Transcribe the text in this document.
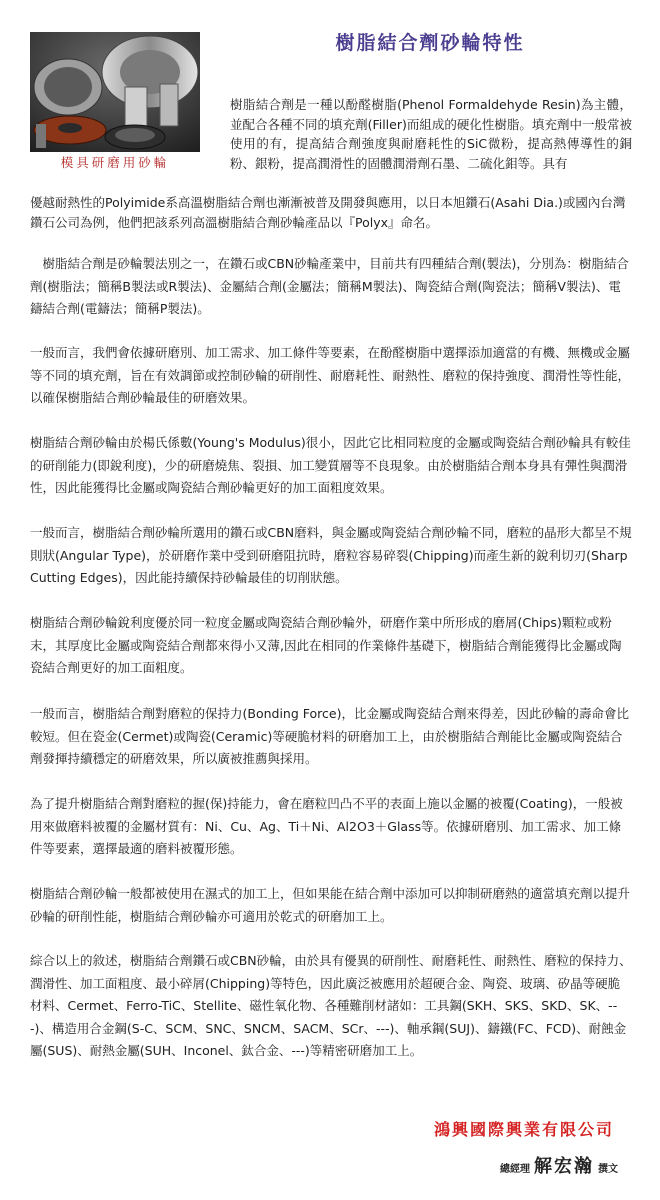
樹脂結合劑砂輪特性
模具研磨用砂輪
樹脂結合劑是一種以酚醛樹脂(Phenol Formaldehyde Resin)為主體，並配合各種不同的填充劑(Filler)而組成的硬化性樹脂。填充劑中一般常被使用的有，提高結合劑強度與耐磨耗性的SiC微粉，提高熱傳導性的銅粉、銀粉，提高潤滑性的固體潤滑劑石墨、二硫化鉬等。具有
優越耐熱性的Polyimide系高溫樹脂結合劑也漸漸被普及開發與應用，以日本旭鑽石(Asahi Dia.)或國內台灣鑽石公司為例，他們把該系列高溫樹脂結合劑砂輪產品以『Polyx』命名。
　樹脂結合劑是砂輪製法別之一，在鑽石或CBN砂輪產業中，目前共有四種結合劑(製法)，分別為：樹脂結合劑(樹脂法；簡稱B製法或R製法)、金屬結合劑(金屬法；簡稱M製法)、陶瓷結合劑(陶瓷法；簡稱V製法)、電鑄結合劑(電鑄法；簡稱P製法)。
一般而言，我們會依據研磨別、加工需求、加工條件等要素，在酚醛樹脂中選擇添加適當的有機、無機或金屬等不同的填充劑，旨在有效調節或控制砂輪的研削性、耐磨耗性、耐熱性、磨粒的保持強度、潤滑性等性能，以確保樹脂結合劑砂輪最佳的研磨效果。
樹脂結合劑砂輪由於楊氏係數(Young's Modulus)很小，因此它比相同粒度的金屬或陶瓷結合劑砂輪具有較佳的研削能力(即銳利度)，少的研磨燒焦、裂損、加工變質層等不良現象。由於樹脂結合劑本身具有彈性與潤滑性，因此能獲得比金屬或陶瓷結合劑砂輪更好的加工面粗度效果。
一般而言，樹脂結合劑砂輪所選用的鑽石或CBN磨料，與金屬或陶瓷結合劑砂輪不同，磨粒的晶形大都呈不規則狀(Angular Type)，於研磨作業中受到研磨阻抗時，磨粒容易碎裂(Chipping)而產生新的銳利切刃(Sharp Cutting Edges)，因此能持續保持砂輪最佳的切削狀態。
樹脂結合劑砂輪銳利度優於同一粒度金屬或陶瓷結合劑砂輪外，研磨作業中所形成的磨屑(Chips)顆粒或粉末，其厚度比金屬或陶瓷結合劑都來得小又薄,因此在相同的作業條件基礎下，樹脂結合劑能獲得比金屬或陶瓷結合劑更好的加工面粗度。
一般而言，樹脂結合劑對磨粒的保持力(Bonding Force)，比金屬或陶瓷結合劑來得差，因此砂輪的壽命會比較短。但在瓷金(Cermet)或陶瓷(Ceramic)等硬脆材料的研磨加工上，由於樹脂結合劑能比金屬或陶瓷結合劑發揮持續穩定的研磨效果，所以廣被推薦與採用。
為了提升樹脂結合劑對磨粒的握(保)持能力，會在磨粒凹凸不平的表面上施以金屬的被覆(Coating)，一般被用來做磨料被覆的金屬材質有：Ni、Cu、Ag、Ti＋Ni、Al2O3＋Glass等。依據研磨別、加工需求、加工條件等要素，選擇最適的磨料被覆形態。
樹脂結合劑砂輪一般都被使用在濕式的加工上，但如果能在結合劑中添加可以抑制研磨熱的適當填充劑以提升砂輪的研削性能，樹脂結合劑砂輪亦可適用於乾式的研磨加工上。
綜合以上的敘述，樹脂結合劑鑽石或CBN砂輪，由於具有優異的研削性、耐磨耗性、耐熱性、磨粒的保持力、潤滑性、加工面粗度、最小碎屑(Chipping)等特色，因此廣泛被應用於超硬合金、陶瓷、玻璃、矽晶等硬脆材料、Cermet、Ferro-TiC、Stellite、磁性氧化物、各種難削材諸如：工具鋼(SKH、SKS、SKD、SK、---)、構造用合金鋼(S-C、SCM、SNC、SNCM、SACM、SCr、---)、軸承鋼(SUJ)、鑄鐵(FC、FCD)、耐蝕金屬(SUS)、耐熱金屬(SUH、Inconel、鈦合金、---)等精密研磨加工上。
鴻興國際興業有限公司
總經理 解宏瀚 撰文
